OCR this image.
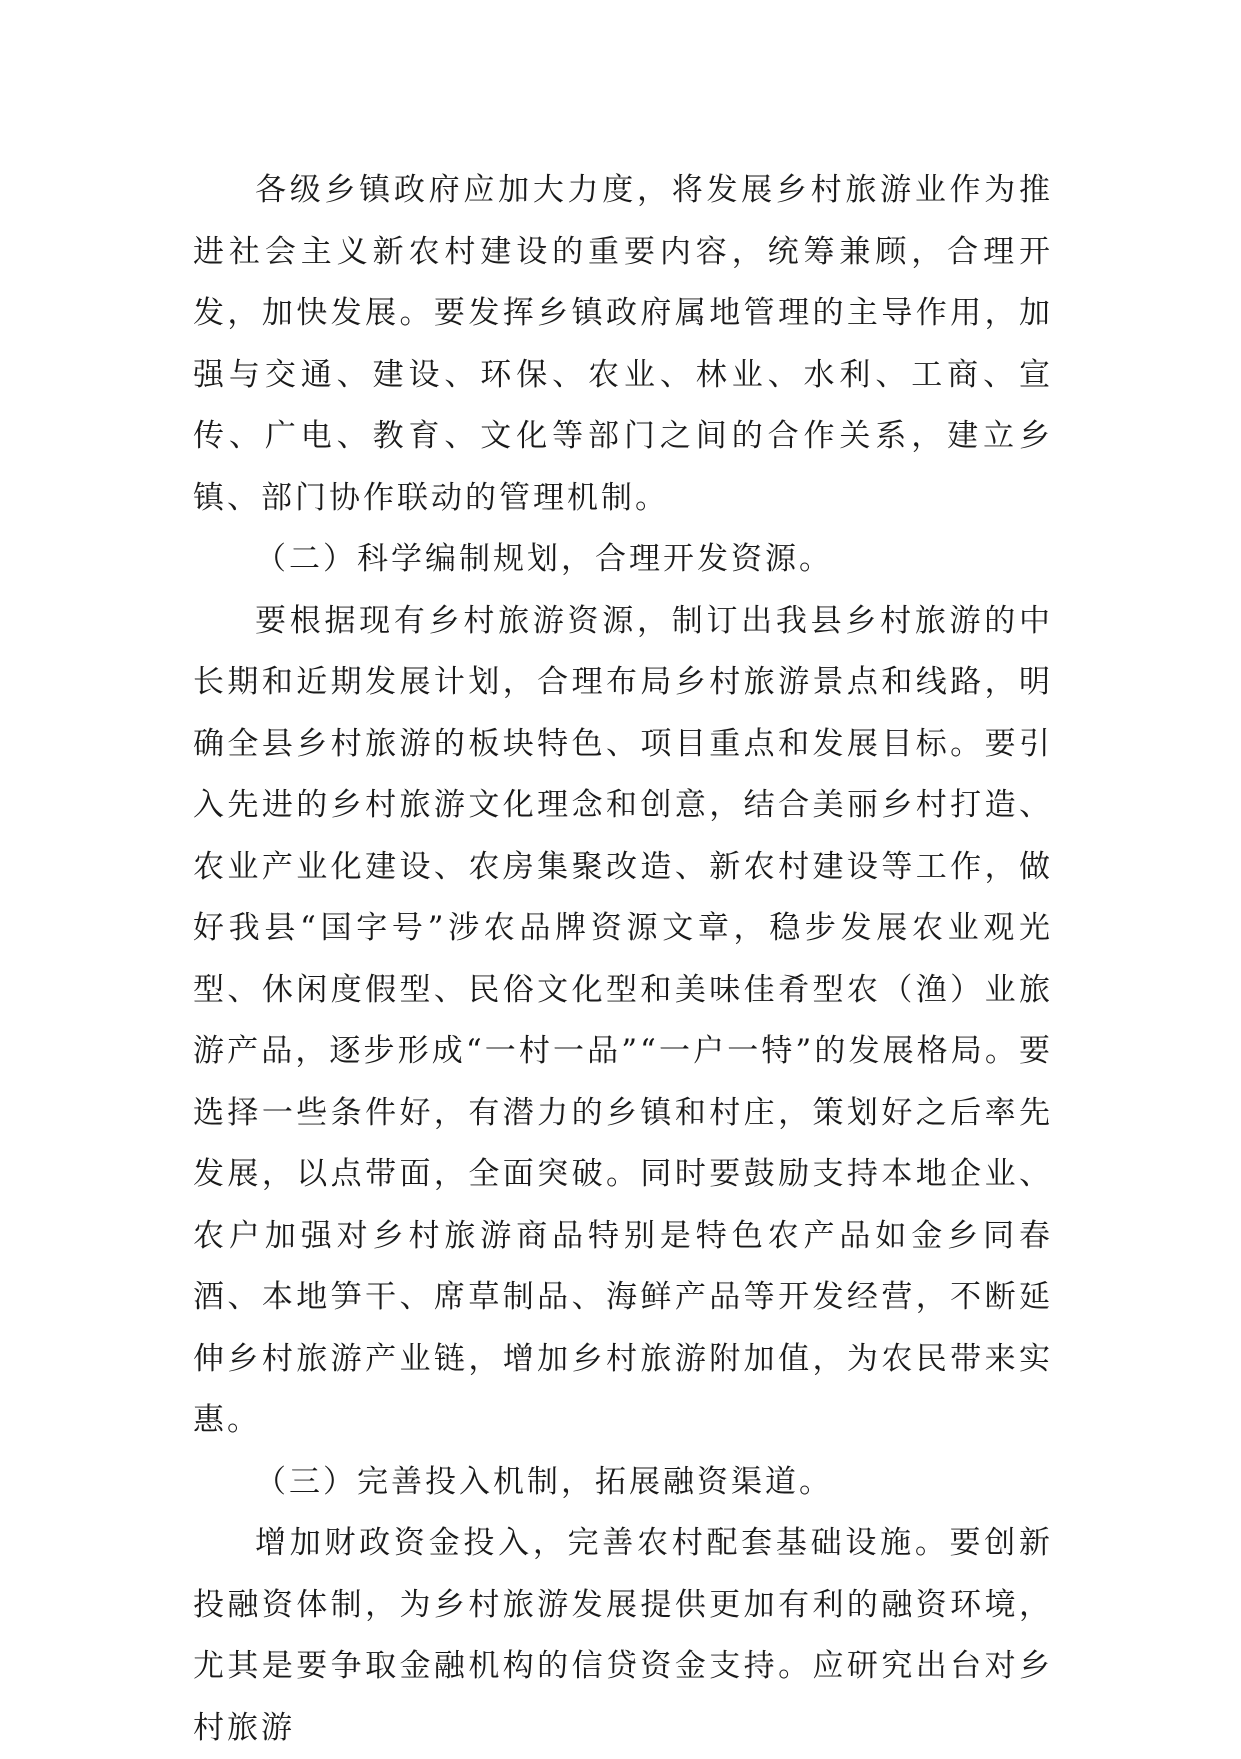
各级乡镇政府应加大力度，将发展乡村旅游业作为推进社会主义新农村建设的重要内容，统筹兼顾，合理开发，加快发展。要发挥乡镇政府属地管理的主导作用，加强与交通、建设、环保、农业、林业、水利、工商、宣传、广电、教育、文化等部门之间的合作关系，建立乡镇、部门协作联动的管理机制。

（二）科学编制规划，合理开发资源。

要根据现有乡村旅游资源，制订出我县乡村旅游的中长期和近期发展计划，合理布局乡村旅游景点和线路，明确全县乡村旅游的板块特色、项目重点和发展目标。要引入先进的乡村旅游文化理念和创意，结合美丽乡村打造、农业产业化建设、农房集聚改造、新农村建设等工作，做好我县“国字号”涉农品牌资源文章，稳步发展农业观光型、休闲度假型、民俗文化型和美味佳肴型农（渔）业旅游产品，逐步形成“一村一品”“一户一特”的发展格局。要选择一些条件好，有潜力的乡镇和村庄，策划好之后率先发展，以点带面，全面突破。同时要鼓励支持本地企业、农户加强对乡村旅游商品特别是特色农产品如金乡同春酒、本地笋干、席草制品、海鲜产品等开发经营，不断延伸乡村旅游产业链，增加乡村旅游附加值，为农民带来实惠。

（三）完善投入机制，拓展融资渠道。

增加财政资金投入，完善农村配套基础设施。要创新投融资体制，为乡村旅游发展提供更加有利的融资环境，尤其是要争取金融机构的信贷资金支持。应研究出台对乡村旅游
